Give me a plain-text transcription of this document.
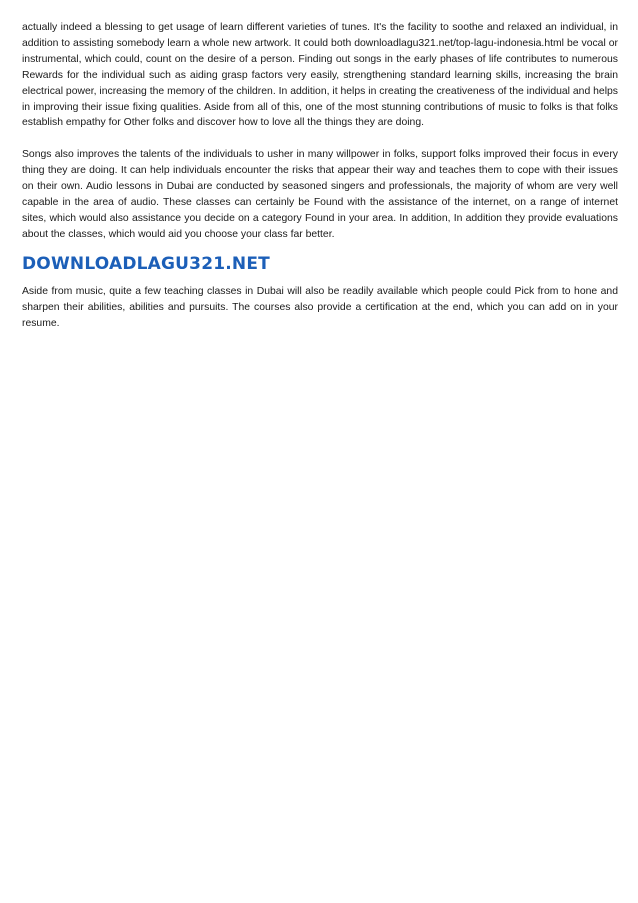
actually indeed a blessing to get usage of learn different varieties of tunes. It's the facility to soothe and relaxed an individual, in addition to assisting somebody learn a whole new artwork. It could both downloadlagu321.net/top-lagu-indonesia.html be vocal or instrumental, which could, count on the desire of a person. Finding out songs in the early phases of life contributes to numerous Rewards for the individual such as aiding grasp factors very easily, strengthening standard learning skills, increasing the brain electrical power, increasing the memory of the children. In addition, it helps in creating the creativeness of the individual and helps in improving their issue fixing qualities. Aside from all of this, one of the most stunning contributions of music to folks is that folks establish empathy for Other folks and discover how to love all the things they are doing.

Songs also improves the talents of the individuals to usher in many willpower in folks, support folks improved their focus in every thing they are doing. It can help individuals encounter the risks that appear their way and teaches them to cope with their issues on their own. Audio lessons in Dubai are conducted by seasoned singers and professionals, the majority of whom are very well capable in the area of audio. These classes can certainly be Found with the assistance of the internet, on a range of internet sites, which would also assistance you decide on a category Found in your area. In addition, In addition they provide evaluations about the classes, which would aid you choose your class far better.

DOWNLOADLAGU321.NET

Aside from music, quite a few teaching classes in Dubai will also be readily available which people could Pick from to hone and sharpen their abilities, abilities and pursuits. The courses also provide a certification at the end, which you can add on in your resume.
